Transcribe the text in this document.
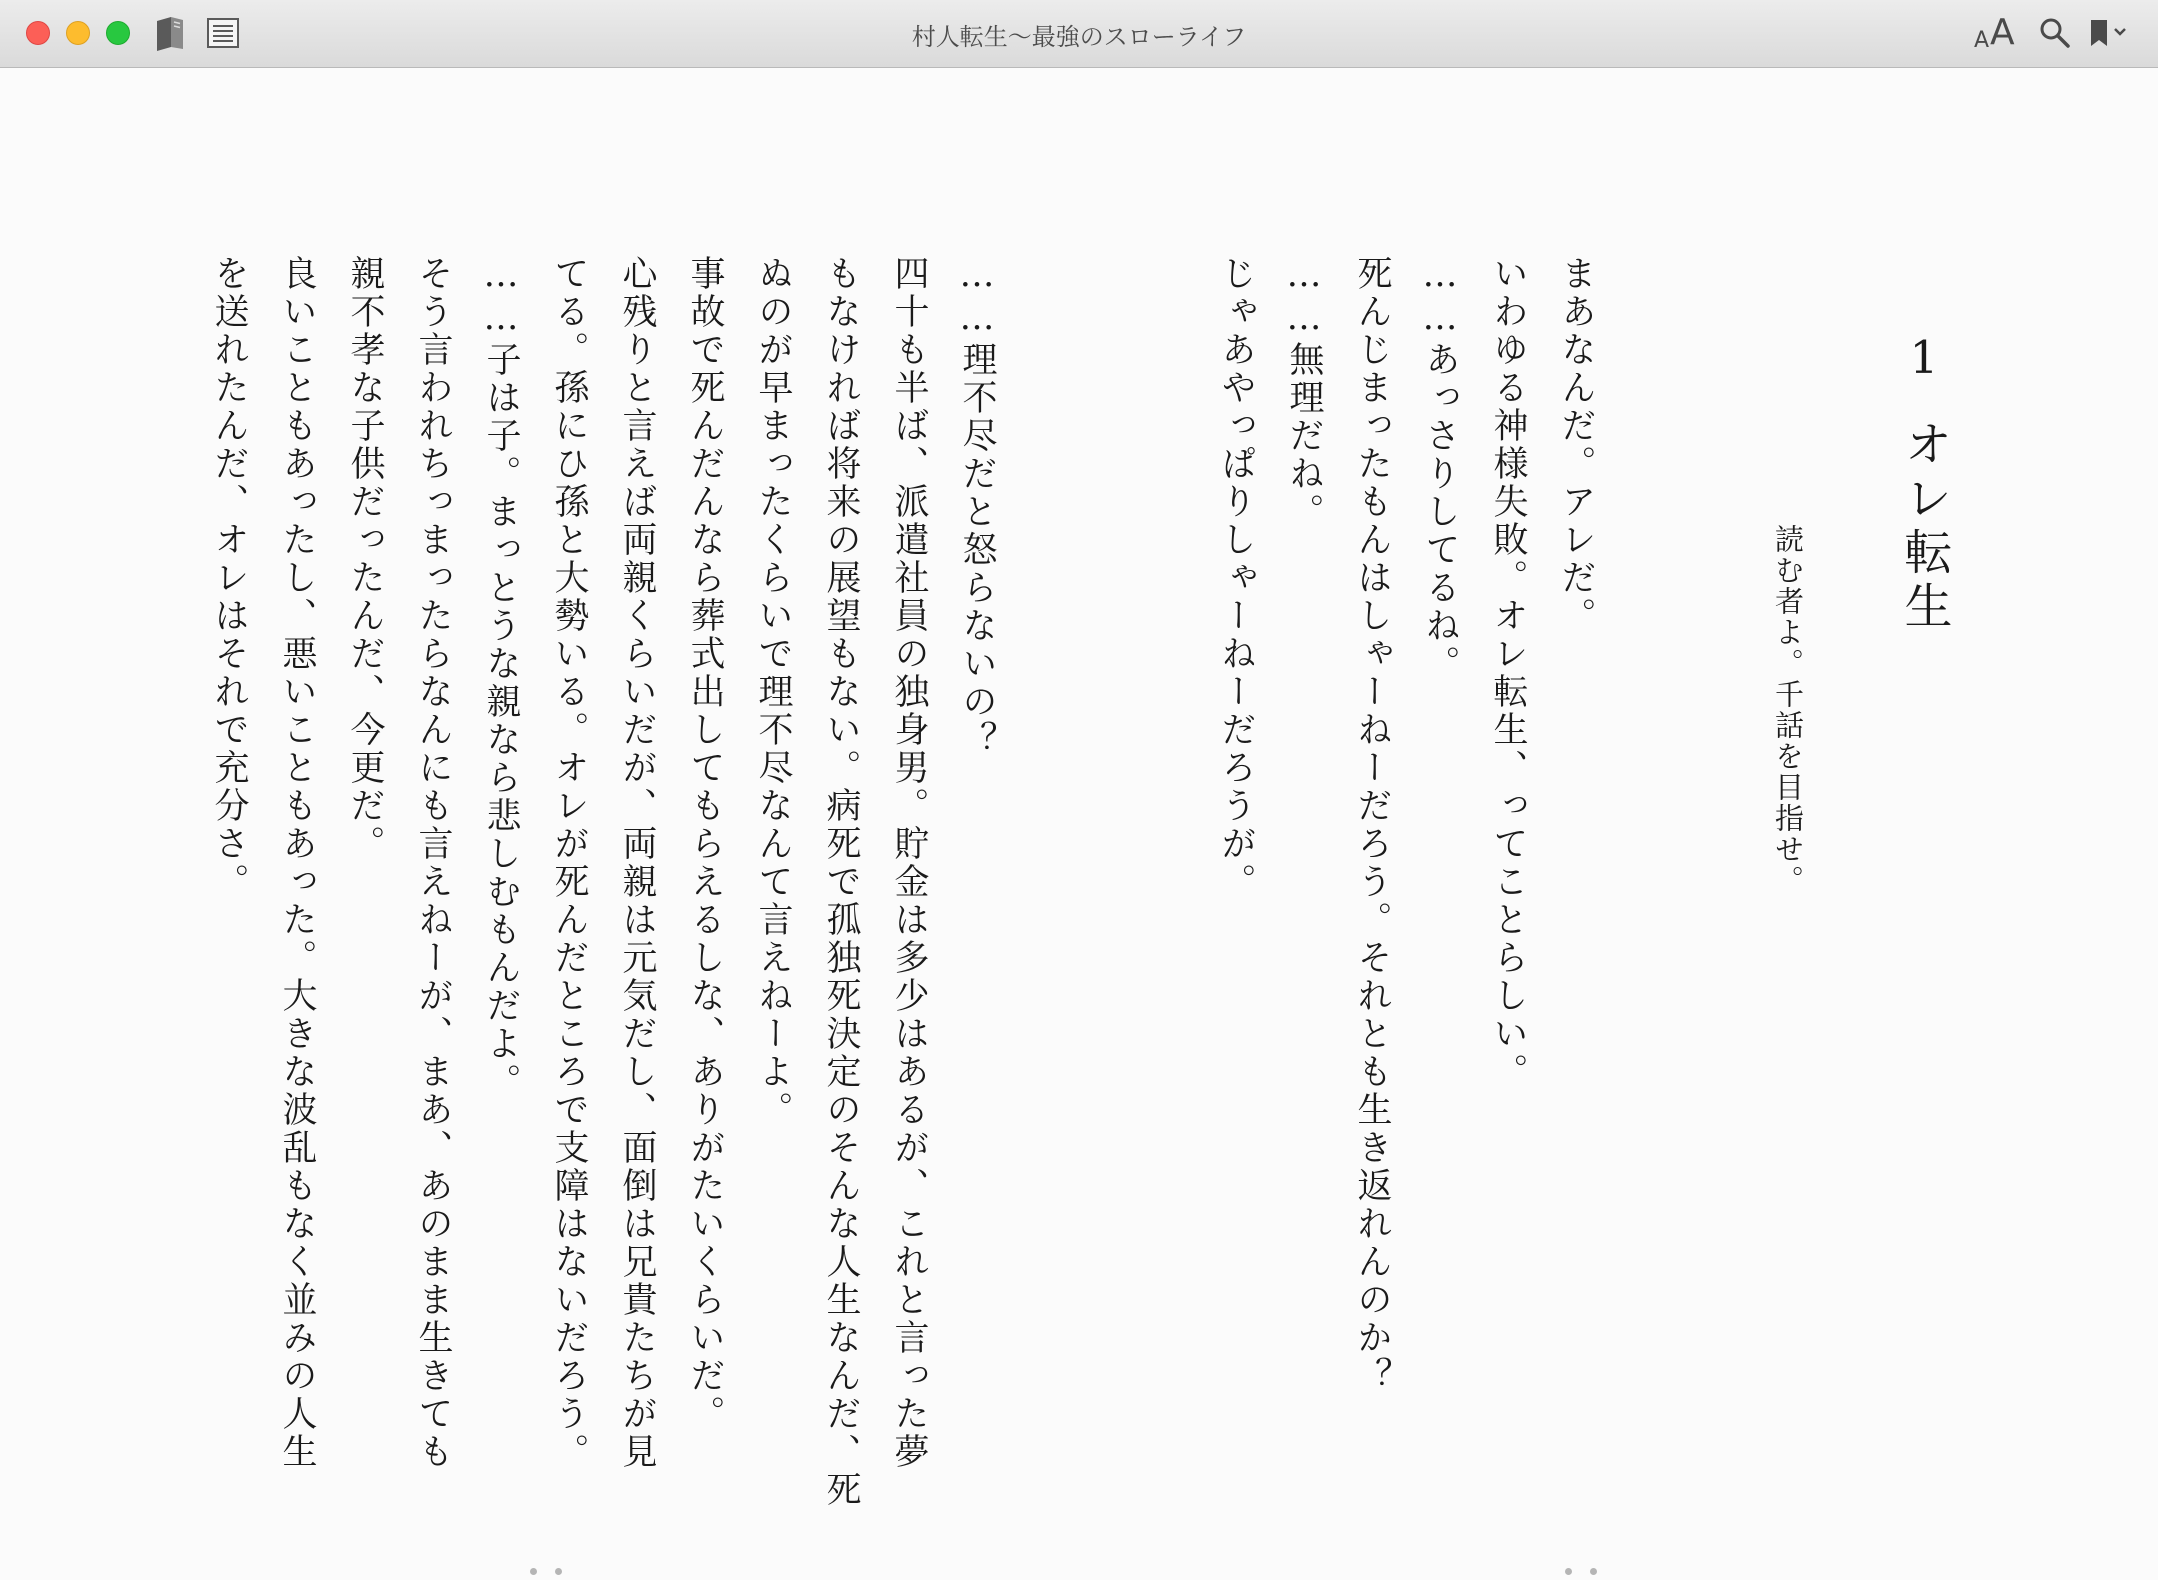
村人転生〜最強のスローライフ	A A
1
オレ転生
読む者よ。千話を目指せ。
まあなんだ。アレだ。
いわゆる神様失敗。オレ転生、ってことらしい。
……あっさりしてるね。
死んじまったもんはしゃーねーだろう。それとも生き返れんのか？
……無理だね。
じゃあやっぱりしゃーねーだろうが。
……理不尽だと怒らないの？
四十も半ば、派遣社員の独身男。貯金は多少はあるが、これと言った夢
もなければ将来の展望もない。病死で孤独死決定のそんな人生なんだ、死
ぬのが早まったくらいで理不尽なんて言えねーよ。
事故で死んだんなら葬式出してもらえるしな、ありがたいくらいだ。
心残りと言えば両親くらいだが、両親は元気だし、面倒は兄貴たちが見
てる。孫にひ孫と大勢いる。オレが死んだところで支障はないだろう。
……子は子。まっとうな親なら悲しむもんだよ。
そう言われちっまったらなんにも言えねーが、まあ、あのまま生きても
親不孝な子供だったんだ、今更だ。
良いこともあったし、悪いこともあった。大きな波乱もなく並みの人生
を送れたんだ、オレはそれで充分さ。
